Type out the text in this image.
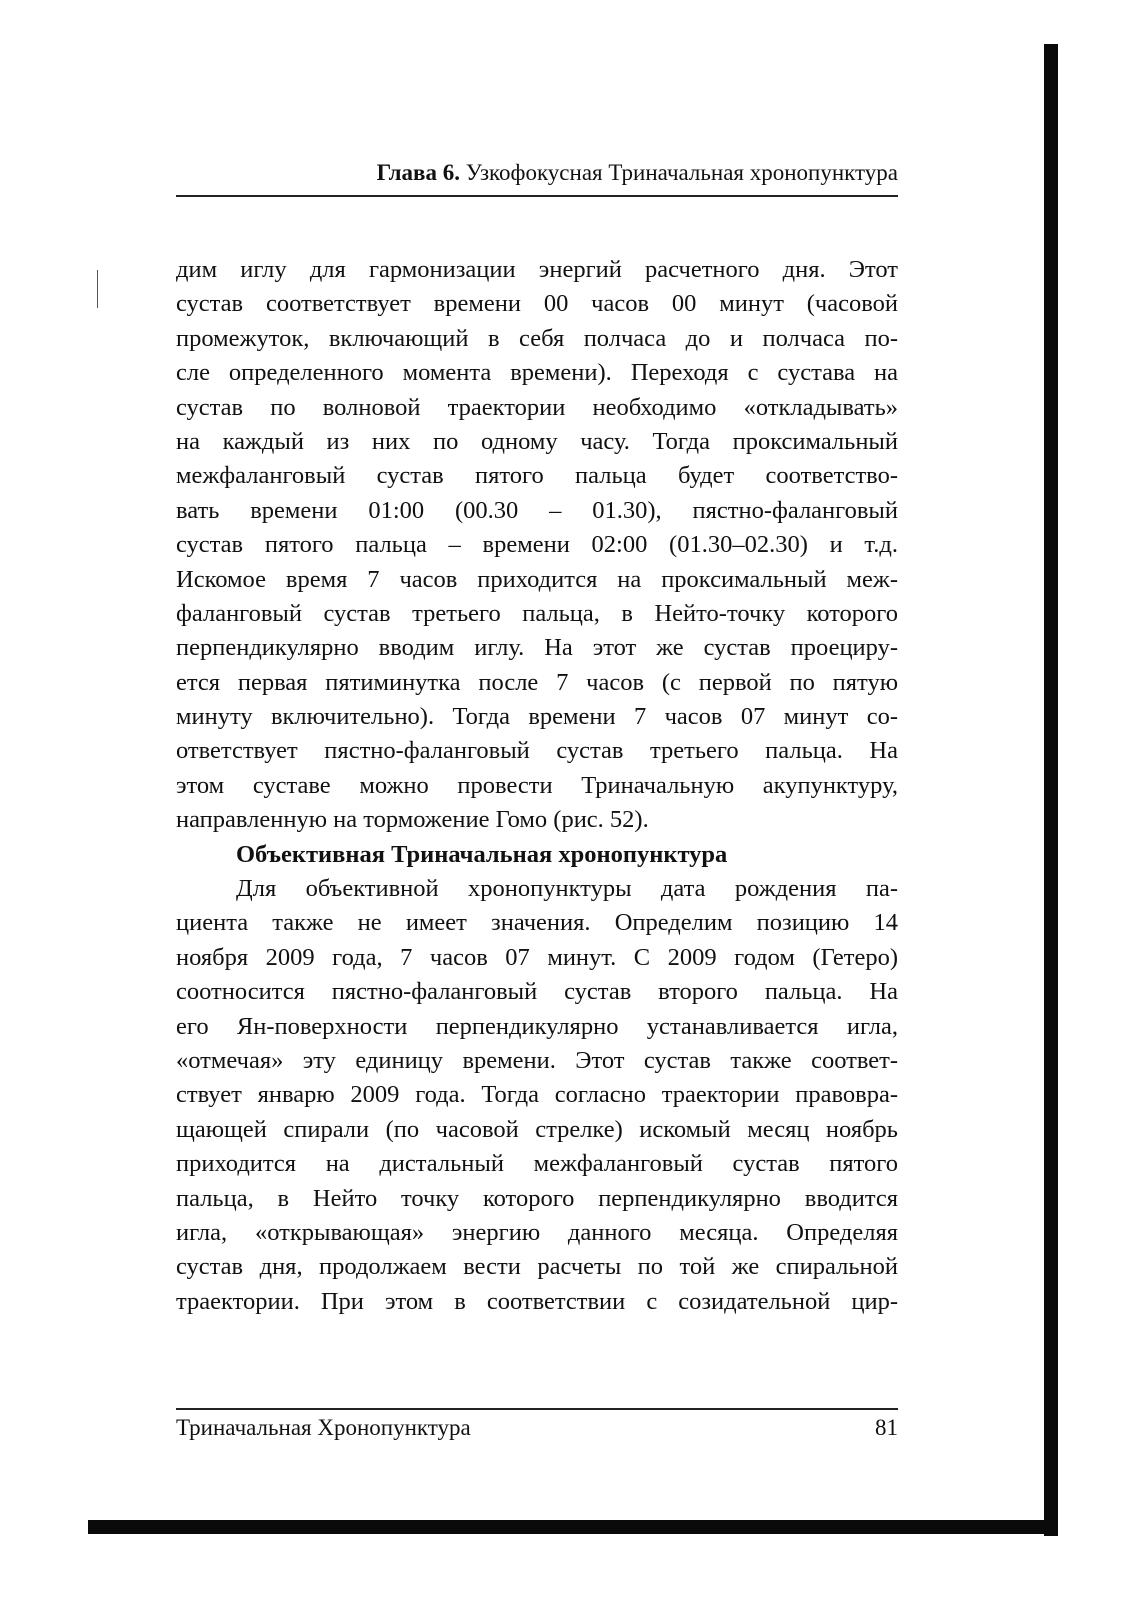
Глава 6. Узкофокусная Триначальная хронопунктура
дим иглу для гармонизации энергий расчетного дня. Этот
сустав соответствует времени 00 часов 00 минут (часовой
промежуток, включающий в себя полчаса до и полчаса по-
сле определенного момента времени). Переходя с сустава на
сустав по волновой траектории необходимо «откладывать»
на каждый из них по одному часу. Тогда проксимальный
межфаланговый сустав пятого пальца будет соответство-
вать времени 01:00 (00.30 – 01.30), пястно-фаланговый
сустав пятого пальца – времени 02:00 (01.30–02.30) и т.д.
Искомое время 7 часов приходится на проксимальный меж-
фаланговый сустав третьего пальца, в Нейто-точку которого
перпендикулярно вводим иглу. На этот же сустав проециру-
ется первая пятиминутка после 7 часов (с первой по пятую
минуту включительно). Тогда времени 7 часов 07 минут со-
ответствует пястно-фаланговый сустав третьего пальца. На
этом суставе можно провести Триначальную акупунктуру,
направленную на торможение Гомо (рис. 52).
Объективная Триначальная хронопунктура
Для объективной хронопунктуры дата рождения па-
циента также не имеет значения. Определим позицию 14
ноября 2009 года, 7 часов 07 минут. С 2009 годом (Гетеро)
соотносится пястно-фаланговый сустав второго пальца. На
его Ян-поверхности перпендикулярно устанавливается игла,
«отмечая» эту единицу времени. Этот сустав также соответ-
ствует январю 2009 года. Тогда согласно траектории правовра-
щающей спирали (по часовой стрелке) искомый месяц ноябрь
приходится на дистальный межфаланговый сустав пятого
пальца, в Нейто точку которого перпендикулярно вводится
игла, «открывающая» энергию данного месяца. Определяя
сустав дня, продолжаем вести расчеты по той же спиральной
траектории. При этом в соответствии с созидательной цир-
Триначальная Хронопунктура	81
